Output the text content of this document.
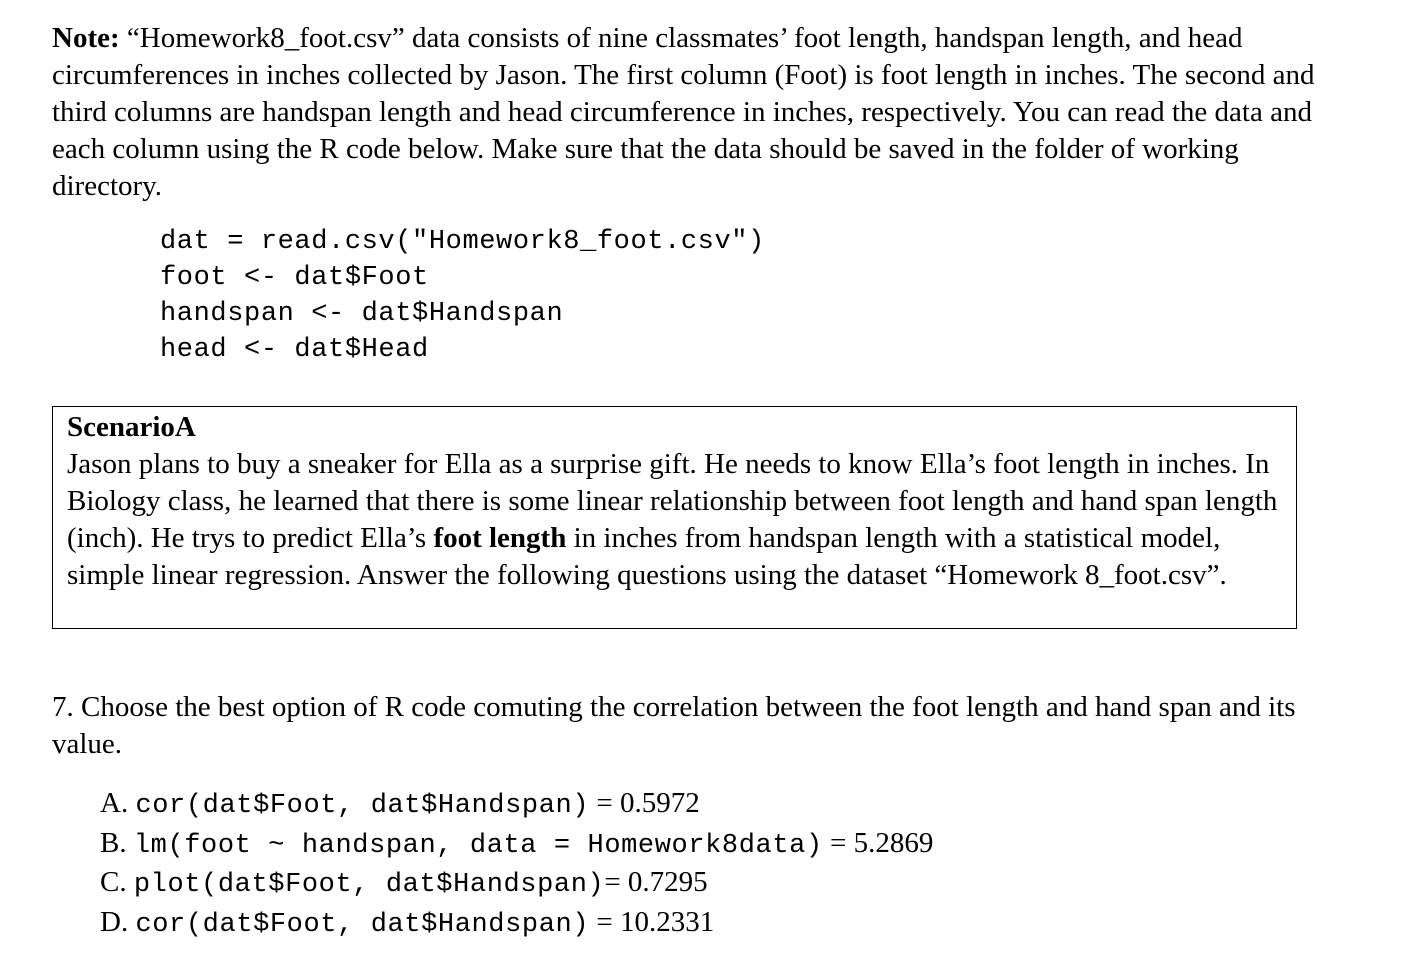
Note: “Homework8_foot.csv” data consists of nine classmates’ foot length, handspan length, and head circumferences in inches collected by Jason. The first column (Foot) is foot length in inches. The second and third columns are handspan length and head circumference in inches, respectively. You can read the data and each column using the R code below. Make sure that the data should be saved in the folder of working directory.

dat = read.csv("Homework8_foot.csv")
foot <- dat$Foot
handspan <- dat$Handspan
head <- dat$Head

ScenarioA
Jason plans to buy a sneaker for Ella as a surprise gift. He needs to know Ella’s foot length in inches. In Biology class, he learned that there is some linear relationship between foot length and hand span length (inch). He trys to predict Ella’s foot length in inches from handspan length with a statistical model, simple linear regression. Answer the following questions using the dataset “Homework 8_foot.csv”.

7. Choose the best option of R code comuting the correlation between the foot length and hand span and its value.

A. cor(dat$Foot, dat$Handspan) = 0.5972
B. lm(foot ~ handspan, data = Homework8data) = 5.2869
C. plot(dat$Foot, dat$Handspan)= 0.7295
D. cor(dat$Foot, dat$Handspan) = 10.2331
